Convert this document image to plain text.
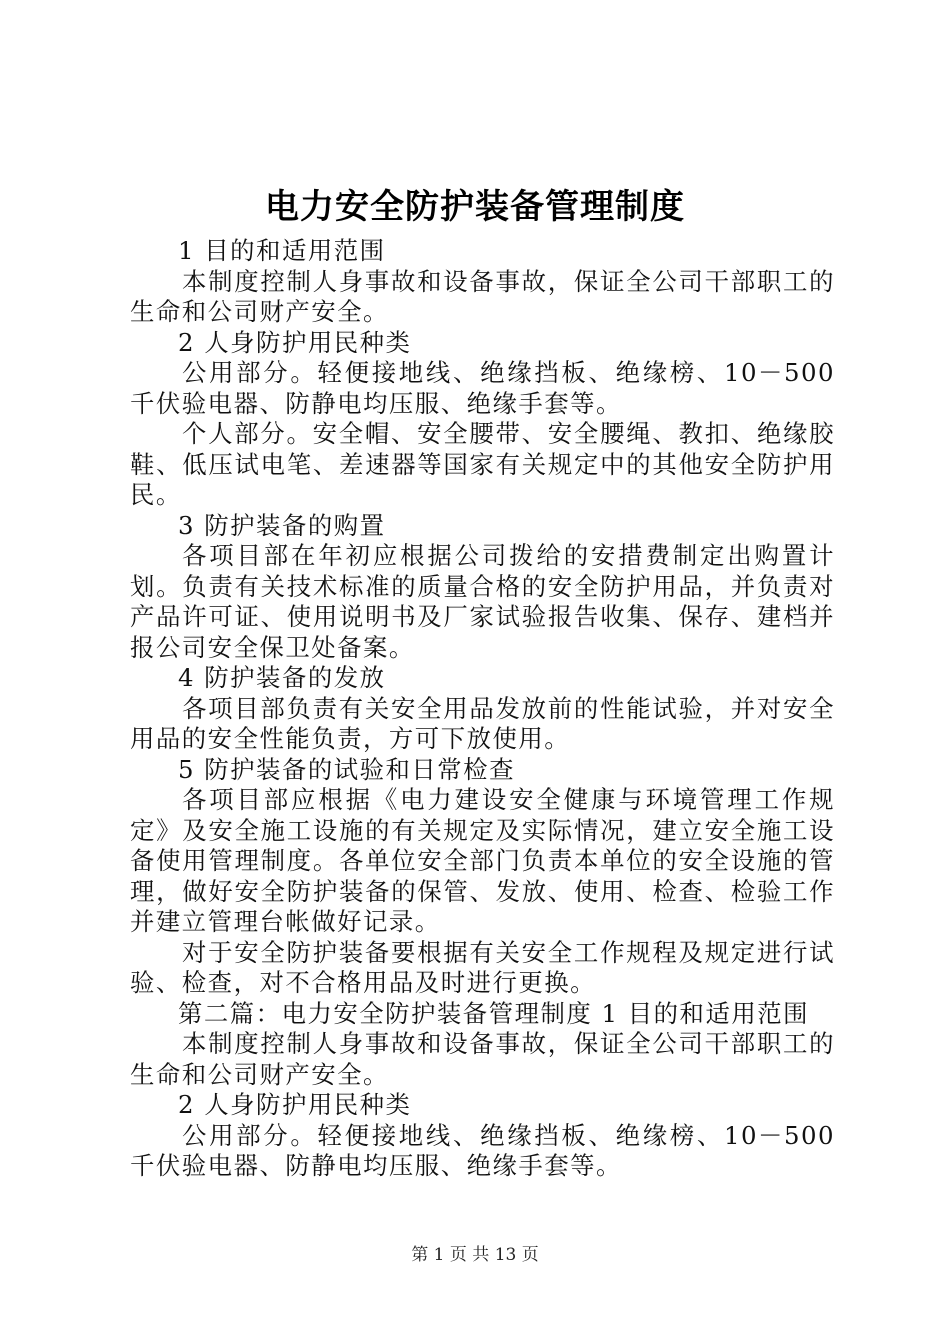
电力安全防护装备管理制度

1 目的和适用范围

本制度控制人身事故和设备事故，保证全公司干部职工的生命和公司财产安全。

2 人身防护用民种类

公用部分。轻便接地线、绝缘挡板、绝缘榜、10－500 千伏验电器、防静电均压服、绝缘手套等。

个人部分。安全帽、安全腰带、安全腰绳、教扣、绝缘胶鞋、低压试电笔、差速器等国家有关规定中的其他安全防护用民。

3 防护装备的购置

各项目部在年初应根据公司拨给的安措费制定出购置计划。负责有关技术标准的质量合格的安全防护用品，并负责对产品许可证、使用说明书及厂家试验报告收集、保存、建档并报公司安全保卫处备案。

4 防护装备的发放

各项目部负责有关安全用品发放前的性能试验，并对安全用品的安全性能负责，方可下放使用。

5 防护装备的试验和日常检查

各项目部应根据《电力建设安全健康与环境管理工作规定》及安全施工设施的有关规定及实际情况，建立安全施工设备使用管理制度。各单位安全部门负责本单位的安全设施的管理，做好安全防护装备的保管、发放、使用、检查、检验工作并建立管理台帐做好记录。

对于安全防护装备要根据有关安全工作规程及规定进行试验、检查，对不合格用品及时进行更换。

第二篇：电力安全防护装备管理制度 1 目的和适用范围

本制度控制人身事故和设备事故，保证全公司干部职工的生命和公司财产安全。

2 人身防护用民种类

公用部分。轻便接地线、绝缘挡板、绝缘榜、10－500 千伏验电器、防静电均压服、绝缘手套等。

第 1 页 共 13 页
